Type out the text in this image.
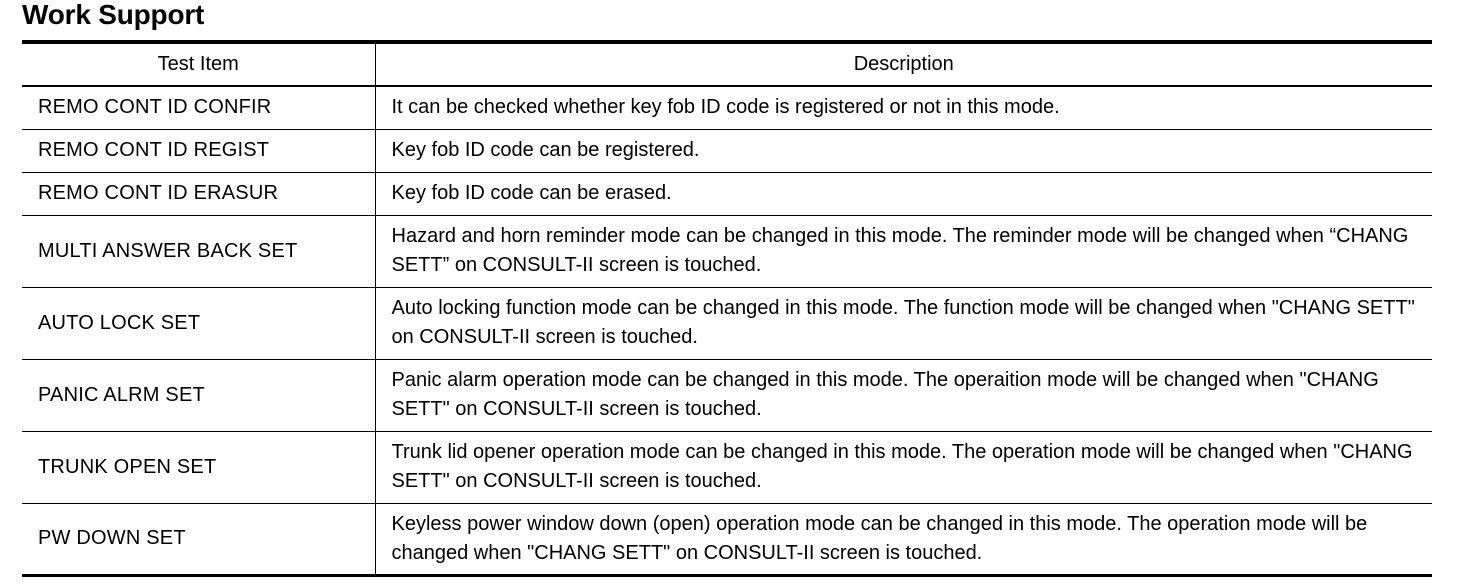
Work Support
Test Item	Description
REMO CONT ID CONFIR	It can be checked whether key fob ID code is registered or not in this mode.
REMO CONT ID REGIST	Key fob ID code can be registered.
REMO CONT ID ERASUR	Key fob ID code can be erased.
MULTI ANSWER BACK SET	Hazard and horn reminder mode can be changed in this mode. The reminder mode will be changed when “CHANG SETT” on CONSULT-II screen is touched.
AUTO LOCK SET	Auto locking function mode can be changed in this mode. The function mode will be changed when "CHANG SETT" on CONSULT-II screen is touched.
PANIC ALRM SET	Panic alarm operation mode can be changed in this mode. The operaition mode will be changed when "CHANG SETT" on CONSULT-II screen is touched.
TRUNK OPEN SET	Trunk lid opener operation mode can be changed in this mode. The operation mode will be changed when "CHANG SETT" on CONSULT-II screen is touched.
PW DOWN SET	Keyless power window down (open) operation mode can be changed in this mode. The operation mode will be changed when "CHANG SETT" on CONSULT-II screen is touched.
